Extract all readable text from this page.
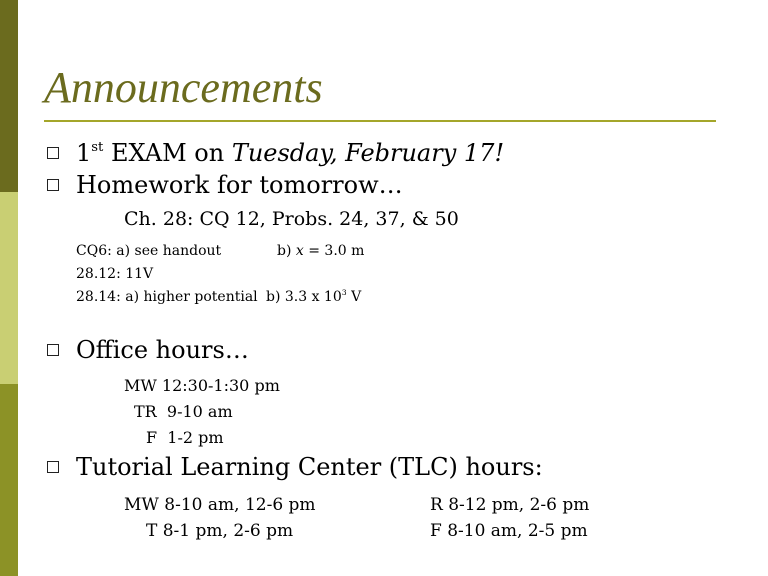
Announcements
1st EXAM on Tuesday, February 17!
Homework for tomorrow…
Ch. 28: CQ 12, Probs. 24, 37, & 50
CQ6: a) see handout	b) x = 3.0 m
28.12: 11V
28.14: a) higher potential b) 3.3 x $10^3$ V
Office hours…
MW 12:30-1:30 pm
TR  9-10 am
F  1-2 pm
Tutorial Learning Center (TLC) hours:
MW 8-10 am, 12-6 pm
T 8-1 pm, 2-6 pm
R 8-12 pm, 2-6 pm
F 8-10 am, 2-5 pm
